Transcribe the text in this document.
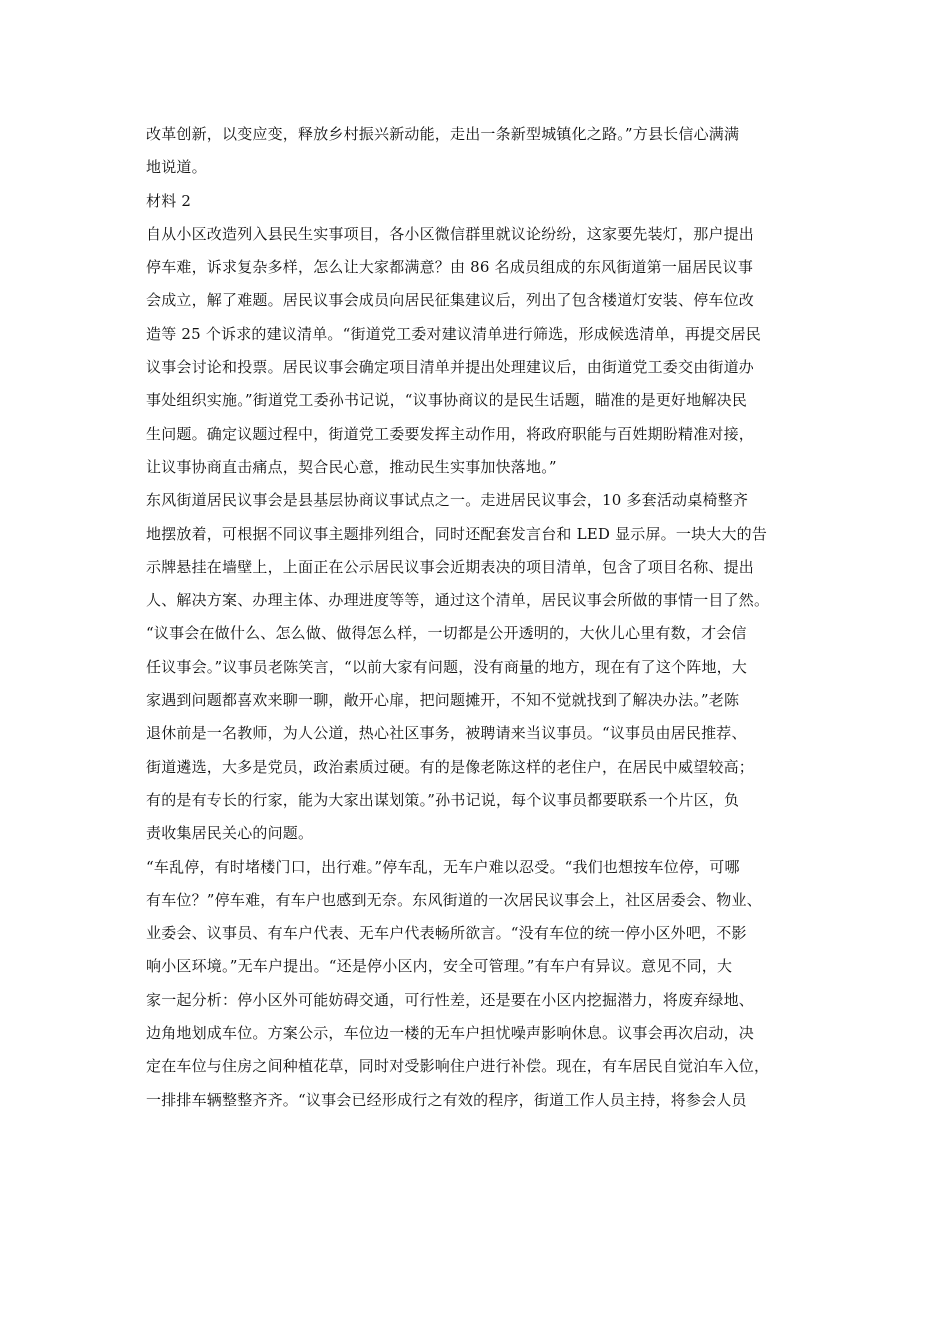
改革创新，以变应变，释放乡村振兴新动能，走出一条新型城镇化之路。”方县长信心满满
地说道。
材料 2
自从小区改造列入县民生实事项目，各小区微信群里就议论纷纷，这家要先装灯，那户提出
停车难，诉求复杂多样，怎么让大家都满意？由 86 名成员组成的东风街道第一届居民议事
会成立，解了难题。居民议事会成员向居民征集建议后，列出了包含楼道灯安装、停车位改
造等 25 个诉求的建议清单。“街道党工委对建议清单进行筛选，形成候选清单，再提交居民
议事会讨论和投票。居民议事会确定项目清单并提出处理建议后，由街道党工委交由街道办
事处组织实施。”街道党工委孙书记说，“议事协商议的是民生话题，瞄准的是更好地解决民
生问题。确定议题过程中，街道党工委要发挥主动作用，将政府职能与百姓期盼精准对接，
让议事协商直击痛点，契合民心意，推动民生实事加快落地。”
东风街道居民议事会是县基层协商议事试点之一。走进居民议事会，10 多套活动桌椅整齐
地摆放着，可根据不同议事主题排列组合，同时还配套发言台和 LED 显示屏。一块大大的告
示牌悬挂在墙壁上，上面正在公示居民议事会近期表决的项目清单，包含了项目名称、提出
人、解决方案、办理主体、办理进度等等，通过这个清单，居民议事会所做的事情一目了然。
“议事会在做什么、怎么做、做得怎么样，一切都是公开透明的，大伙儿心里有数，才会信
任议事会。”议事员老陈笑言，“以前大家有问题，没有商量的地方，现在有了这个阵地，大
家遇到问题都喜欢来聊一聊，敞开心扉，把问题摊开，不知不觉就找到了解决办法。”老陈
退休前是一名教师，为人公道，热心社区事务，被聘请来当议事员。“议事员由居民推荐、
街道遴选，大多是党员，政治素质过硬。有的是像老陈这样的老住户，在居民中威望较高；
有的是有专长的行家，能为大家出谋划策。”孙书记说，每个议事员都要联系一个片区，负
责收集居民关心的问题。
“车乱停，有时堵楼门口，出行难。”停车乱，无车户难以忍受。“我们也想按车位停，可哪
有车位？”停车难，有车户也感到无奈。东风街道的一次居民议事会上，社区居委会、物业、
业委会、议事员、有车户代表、无车户代表畅所欲言。“没有车位的统一停小区外吧，不影
响小区环境。”无车户提出。“还是停小区内，安全可管理。”有车户有异议。意见不同，大
家一起分析：停小区外可能妨碍交通，可行性差，还是要在小区内挖掘潜力，将废弃绿地、
边角地划成车位。方案公示，车位边一楼的无车户担忧噪声影响休息。议事会再次启动，决
定在车位与住房之间种植花草，同时对受影响住户进行补偿。现在，有车居民自觉泊车入位，
一排排车辆整整齐齐。“议事会已经形成行之有效的程序，街道工作人员主持，将参会人员
